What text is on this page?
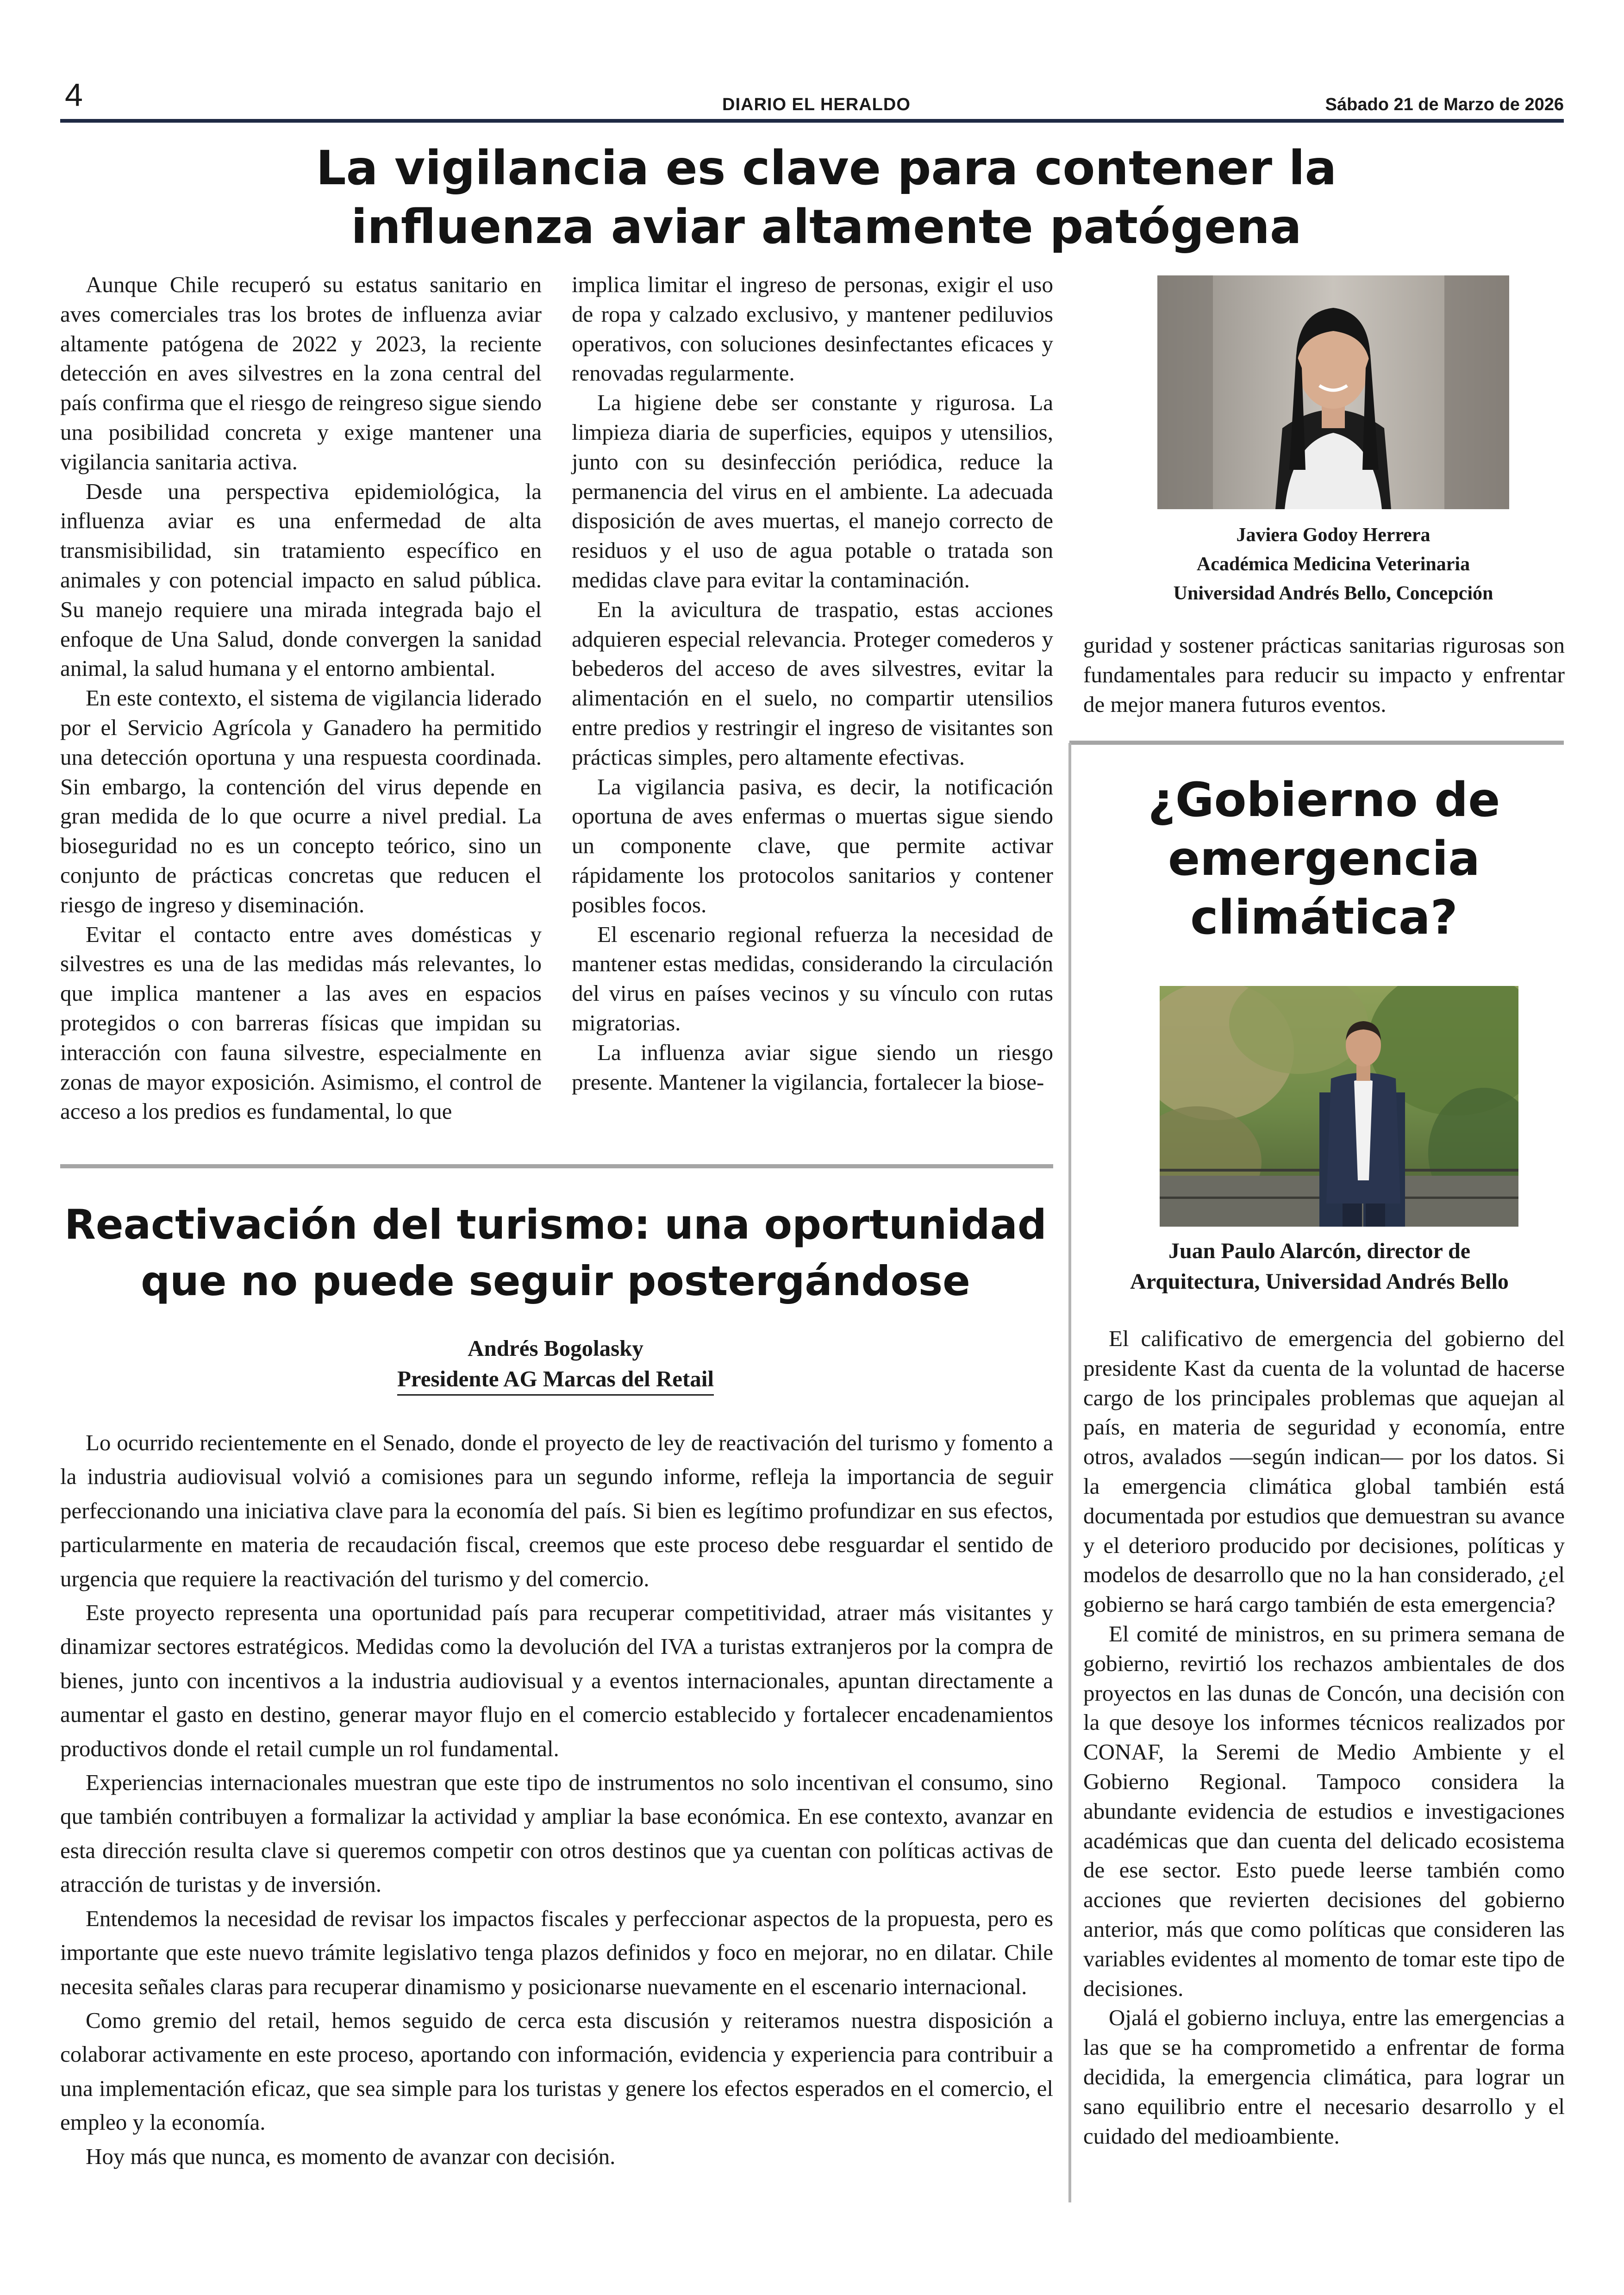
4	DIARIO EL HERALDO	Sábado 21 de Marzo de 2026
La vigilancia es clave para contener la influenza aviar altamente patógena

Aunque Chile recuperó su estatus sanitario en aves comerciales tras los brotes de influenza aviar altamente patógena de 2022 y 2023, la reciente detección en aves silvestres en la zona central del país confirma que el riesgo de reingreso sigue siendo una posibilidad concreta y exige mantener una vigilancia sanitaria activa.

Desde una perspectiva epidemiológica, la influenza aviar es una enfermedad de alta transmisibilidad, sin tratamiento específico en animales y con potencial impacto en salud pública. Su manejo requiere una mirada integrada bajo el enfoque de Una Salud, donde convergen la sanidad animal, la salud humana y el entorno ambiental.

En este contexto, el sistema de vigilancia liderado por el Servicio Agrícola y Ganadero ha permitido una detección oportuna y una respuesta coordinada. Sin embargo, la contención del virus depende en gran medida de lo que ocurre a nivel predial. La bioseguridad no es un concepto teórico, sino un conjunto de prácticas concretas que reducen el riesgo de ingreso y diseminación.

Evitar el contacto entre aves domésticas y silvestres es una de las medidas más relevantes, lo que implica mantener a las aves en espacios protegidos o con barreras físicas que impidan su interacción con fauna silvestre, especialmente en zonas de mayor exposición. Asimismo, el control de acceso a los predios es fundamental, lo que

implica limitar el ingreso de personas, exigir el uso de ropa y calzado exclusivo, y mantener pediluvios operativos, con soluciones desinfectantes eficaces y renovadas regularmente.

La higiene debe ser constante y rigurosa. La limpieza diaria de superficies, equipos y utensilios, junto con su desinfección periódica, reduce la permanencia del virus en el ambiente. La adecuada disposición de aves muertas, el manejo correcto de residuos y el uso de agua potable o tratada son medidas clave para evitar la contaminación.

En la avicultura de traspatio, estas acciones adquieren especial relevancia. Proteger comederos y bebederos del acceso de aves silvestres, evitar la alimentación en el suelo, no compartir utensilios entre predios y restringir el ingreso de visitantes son prácticas simples, pero altamente efectivas.

La vigilancia pasiva, es decir, la notificación oportuna de aves enfermas o muertas sigue siendo un componente clave, que permite activar rápidamente los protocolos sanitarios y contener posibles focos.

El escenario regional refuerza la necesidad de mantener estas medidas, considerando la circulación del virus en países vecinos y su vínculo con rutas migratorias.

La influenza aviar sigue siendo un riesgo presente. Mantener la vigilancia, fortalecer la biose-

Javiera Godoy Herrera
Académica Medicina Veterinaria
Universidad Andrés Bello, Concepción

guridad y sostener prácticas sanitarias rigurosas son fundamentales para reducir su impacto y enfrentar de mejor manera futuros eventos.

Reactivación del turismo: una oportunidad que no puede seguir postergándose
Andrés Bogolasky
Presidente AG Marcas del Retail

Lo ocurrido recientemente en el Senado, donde el proyecto de ley de reactivación del turismo y fomento a la industria audiovisual volvió a comisiones para un segundo informe, refleja la importancia de seguir perfeccionando una iniciativa clave para la economía del país. Si bien es legítimo profundizar en sus efectos, particularmente en materia de recaudación fiscal, creemos que este proceso debe resguardar el sentido de urgencia que requiere la reactivación del turismo y del comercio.

Este proyecto representa una oportunidad país para recuperar competitividad, atraer más visitantes y dinamizar sectores estratégicos. Medidas como la devolución del IVA a turistas extranjeros por la compra de bienes, junto con incentivos a la industria audiovisual y a eventos internacionales, apuntan directamente a aumentar el gasto en destino, generar mayor flujo en el comercio establecido y fortalecer encadenamientos productivos donde el retail cumple un rol fundamental.

Experiencias internacionales muestran que este tipo de instrumentos no solo incentivan el consumo, sino que también contribuyen a formalizar la actividad y ampliar la base económica. En ese contexto, avanzar en esta dirección resulta clave si queremos competir con otros destinos que ya cuentan con políticas activas de atracción de turistas y de inversión.

Entendemos la necesidad de revisar los impactos fiscales y perfeccionar aspectos de la propuesta, pero es importante que este nuevo trámite legislativo tenga plazos definidos y foco en mejorar, no en dilatar. Chile necesita señales claras para recuperar dinamismo y posicionarse nuevamente en el escenario internacional.

Como gremio del retail, hemos seguido de cerca esta discusión y reiteramos nuestra disposición a colaborar activamente en este proceso, aportando con información, evidencia y experiencia para contribuir a una implementación eficaz, que sea simple para los turistas y genere los efectos esperados en el comercio, el empleo y la economía.

Hoy más que nunca, es momento de avanzar con decisión.

¿Gobierno de emergencia climática?
Juan Paulo Alarcón, director de
Arquitectura, Universidad Andrés Bello

El calificativo de emergencia del gobierno del presidente Kast da cuenta de la voluntad de hacerse cargo de los principales problemas que aquejan al país, en materia de seguridad y economía, entre otros, avalados —según indican— por los datos. Si la emergencia climática global también está documentada por estudios que demuestran su avance y el deterioro producido por decisiones, políticas y modelos de desarrollo que no la han considerado, ¿el gobierno se hará cargo también de esta emergencia?

El comité de ministros, en su primera semana de gobierno, revirtió los rechazos ambientales de dos proyectos en las dunas de Concón, una decisión con la que desoye los informes técnicos realizados por CONAF, la Seremi de Medio Ambiente y el Gobierno Regional. Tampoco considera la abundante evidencia de estudios e investigaciones académicas que dan cuenta del delicado ecosistema de ese sector. Esto puede leerse también como acciones que revierten decisiones del gobierno anterior, más que como políticas que consideren las variables evidentes al momento de tomar este tipo de decisiones.

Ojalá el gobierno incluya, entre las emergencias a las que se ha comprometido a enfrentar de forma decidida, la emergencia climática, para lograr un sano equilibrio entre el necesario desarrollo y el cuidado del medioambiente.
